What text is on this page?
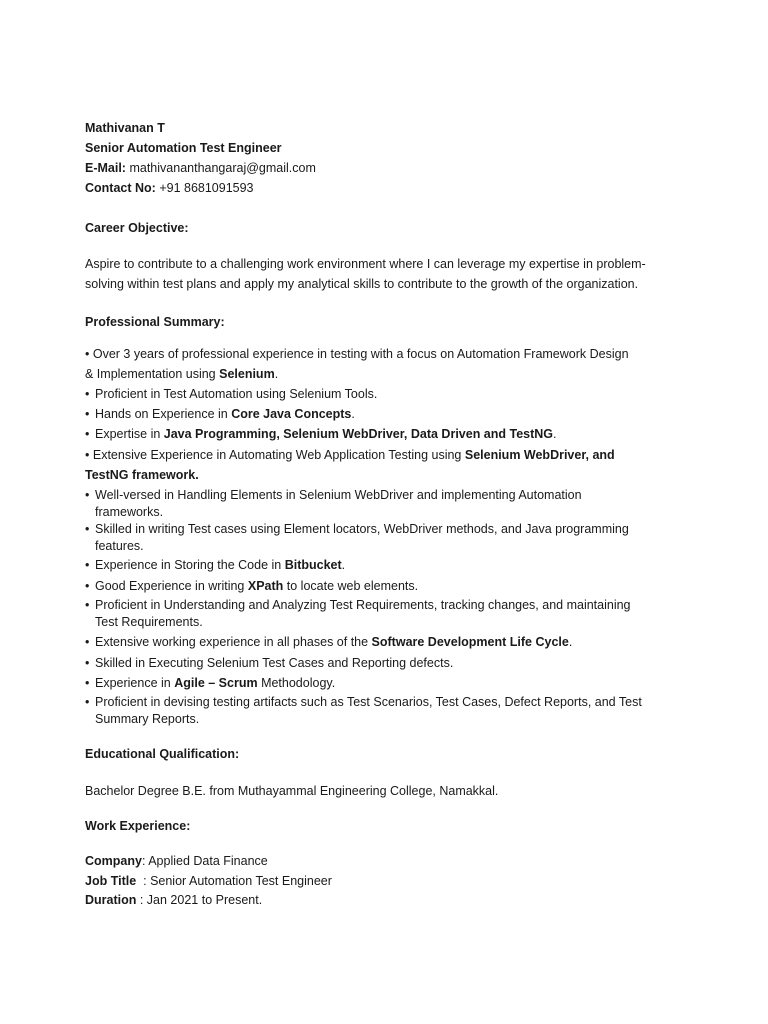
Mathivanan T
Senior Automation Test Engineer
E-Mail: mathivananthangaraj@gmail.com
Contact No: +91 8681091593
Career Objective:
Aspire to contribute to a challenging work environment where I can leverage my expertise in problem-
solving within test plans and apply my analytical skills to contribute to the growth of the organization.
Professional Summary:
• Over 3 years of professional experience in testing with a focus on Automation Framework Design
& Implementation using Selenium.
• Proficient in Test Automation using Selenium Tools.
• Hands on Experience in Core Java Concepts.
• Expertise in Java Programming, Selenium WebDriver, Data Driven and TestNG.
• Extensive Experience in Automating Web Application Testing using Selenium WebDriver, and
TestNG framework.
• Well-versed in Handling Elements in Selenium WebDriver and implementing Automation
frameworks.
• Skilled in writing Test cases using Element locators, WebDriver methods, and Java programming
features.
• Experience in Storing the Code in Bitbucket.
• Good Experience in writing XPath to locate web elements.
• Proficient in Understanding and Analyzing Test Requirements, tracking changes, and maintaining
Test Requirements.
• Extensive working experience in all phases of the Software Development Life Cycle.
• Skilled in Executing Selenium Test Cases and Reporting defects.
• Experience in Agile – Scrum Methodology.
• Proficient in devising testing artifacts such as Test Scenarios, Test Cases, Defect Reports, and Test
Summary Reports.
Educational Qualification:
Bachelor Degree B.E. from Muthayammal Engineering College, Namakkal.
Work Experience:
Company: Applied Data Finance
Job Title  : Senior Automation Test Engineer
Duration : Jan 2021 to Present.
